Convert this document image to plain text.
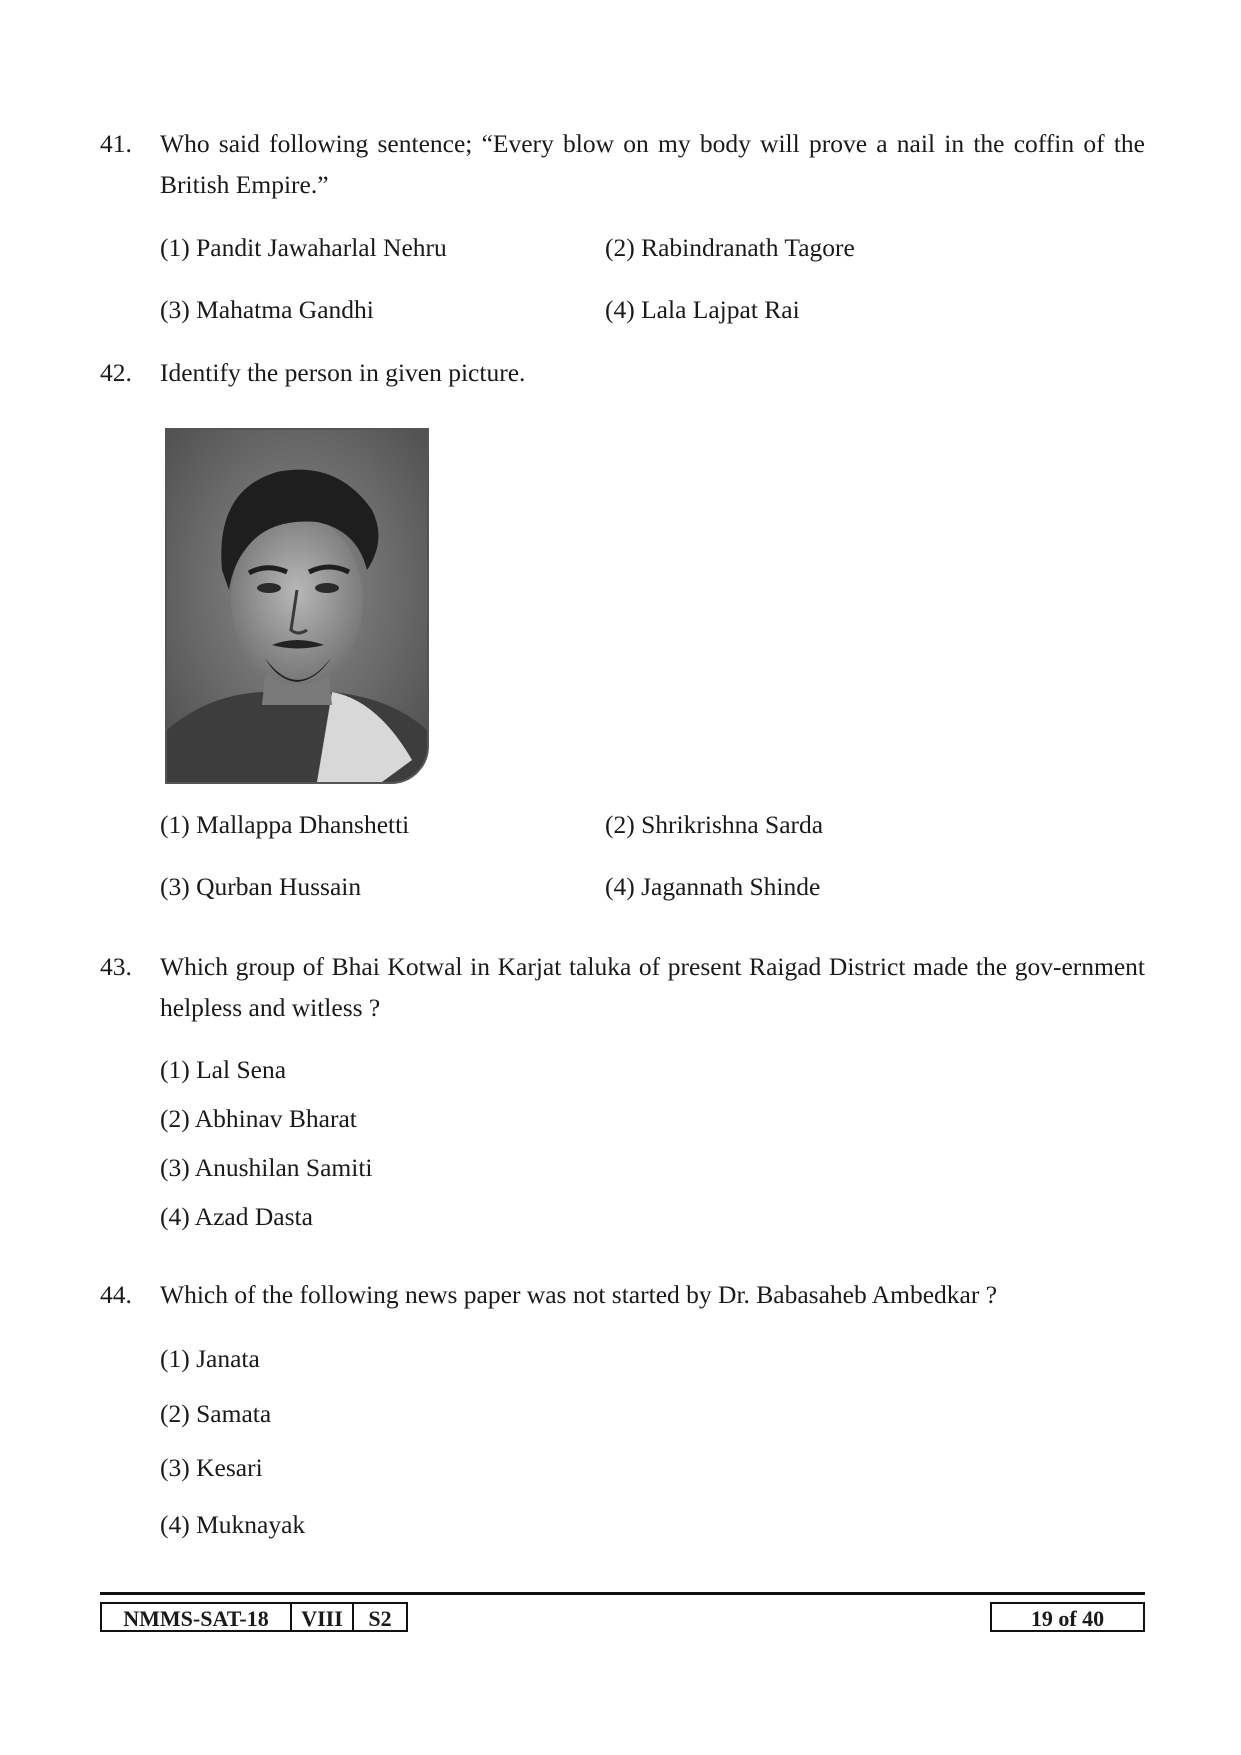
41. Who said following sentence; “Every blow on my body will prove a nail in the coffin of the British Empire.”
(1) Pandit Jawaharlal Nehru	(2) Rabindranath Tagore
(3) Mahatma Gandhi	(4) Lala Lajpat Rai
42. Identify the person in given picture.
(1) Mallappa Dhanshetti	(2) Shrikrishna Sarda
(3) Qurban Hussain	(4) Jagannath Shinde
43. Which group of Bhai Kotwal in Karjat taluka of present Raigad District made the gov-ernment helpless and witless ?
(1) Lal Sena
(2) Abhinav Bharat
(3) Anushilan Samiti
(4) Azad Dasta
44. Which of the following news paper was not started by Dr. Babasaheb Ambedkar ?
(1) Janata
(2) Samata
(3) Kesari
(4) Muknayak
NMMS-SAT-18	VIII	S2	19 of 40
